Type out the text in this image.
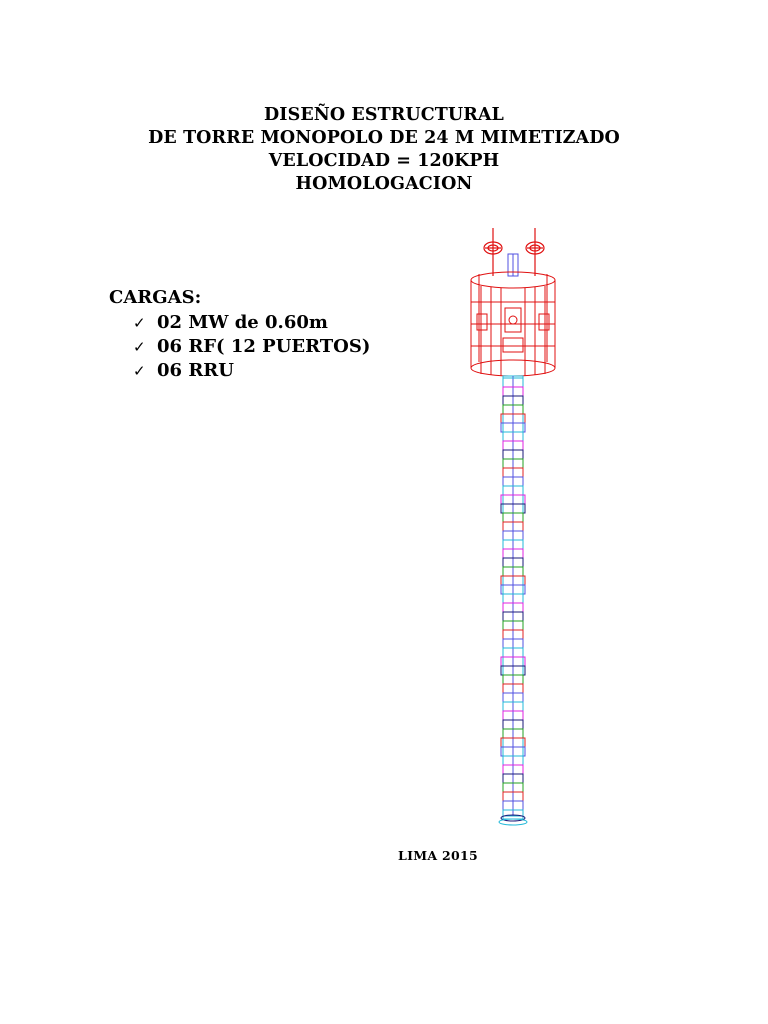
DISEÑO ESTRUCTURAL
DE TORRE MONOPOLO DE 24 M MIMETIZADO
VELOCIDAD = 120KPH
HOMOLOGACION
CARGAS:
✓ 02 MW de 0.60m
✓ 06 RF( 12 PUERTOS)
✓ 06 RRU
LIMA 2015
